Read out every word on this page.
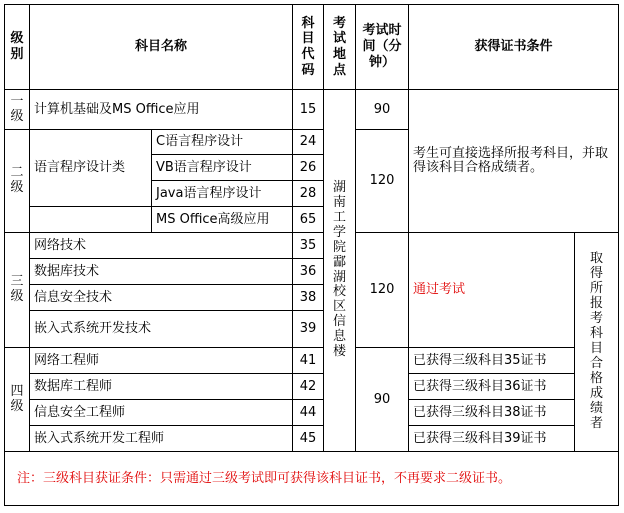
级别	科目名称		科目代码	考试地点	考试时间（分钟）	获得证书条件	
一级	计算机基础及MS Office应用		15	湖南工学院酃湖校区信息楼	90	考生可直接选择所报考科目，并取得该科目合格成绩者。	
二级	语言程序设计类	C语言程序设计	24		120		
		VB语言程序设计	26				
		Java语言程序设计	28				
		MS Office高级应用	65				
三级	网络技术		35		120	通过考试	取得所报考科目合格成绩者
	数据库技术		36				
	信息安全技术		38				
	嵌入式系统开发技术		39				
四级	网络工程师		41		90	已获得三级科目35证书	
	数据库工程师		42			已获得三级科目36证书	
	信息安全工程师		44			已获得三级科目38证书	
	嵌入式系统开发工程师		45			已获得三级科目39证书	
注：三级科目获证条件：只需通过三级考试即可获得该科目证书，不再要求二级证书。							
